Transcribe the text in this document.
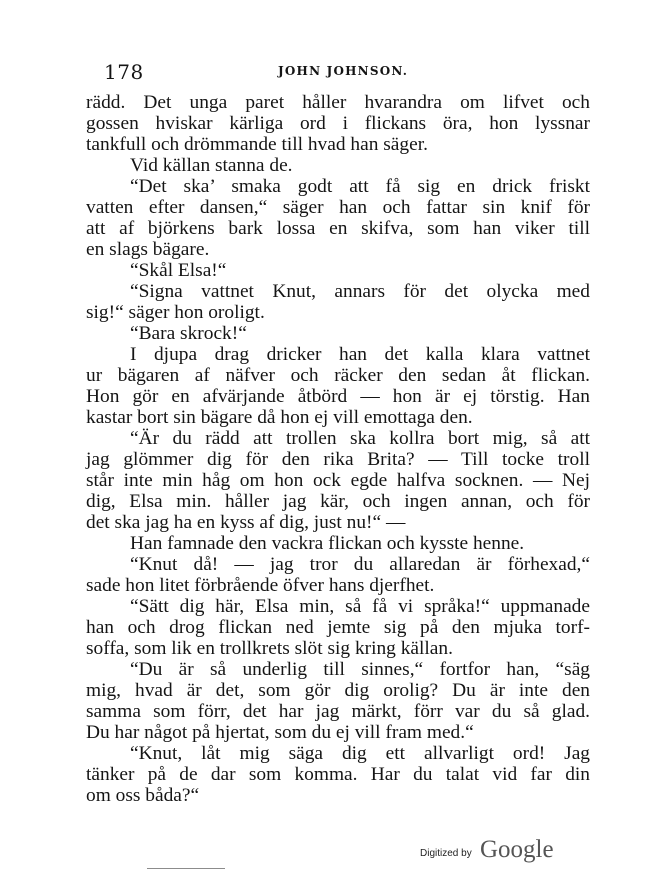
178	JOHN JOHNSON.
rädd. Det unga paret håller hvarandra om lifvet och
gossen hviskar kärliga ord i flickans öra, hon lyssnar
tankfull och drömmande till hvad han säger.
Vid källan stanna de.
“Det ska’ smaka godt att få sig en drick friskt
vatten efter dansen,“ säger han och fattar sin knif för
att af björkens bark lossa en skifva, som han viker till
en slags bägare.
“Skål Elsa!“
“Signa vattnet Knut, annars för det olycka med
sig!“ säger hon oroligt.
“Bara skrock!“
I djupa drag dricker han det kalla klara vattnet
ur bägaren af näfver och räcker den sedan åt flickan.
Hon gör en afvärjande åtbörd — hon är ej törstig. Han
kastar bort sin bägare då hon ej vill emottaga den.
“Är du rädd att trollen ska kollra bort mig, så att
jag glömmer dig för den rika Brita? — Till tocke troll
står inte min håg om hon ock egde halfva socknen. — Nej
dig, Elsa min. håller jag kär, och ingen annan, och för
det ska jag ha en kyss af dig, just nu!“ —
Han famnade den vackra flickan och kysste henne.
“Knut då! — jag tror du allaredan är förhexad,“
sade hon litet förbrående öfver hans djerfhet.
“Sätt dig här, Elsa min, så få vi språka!“ uppmanade
han och drog flickan ned jemte sig på den mjuka torf-
soffa, som lik en trollkrets slöt sig kring källan.
“Du är så underlig till sinnes,“ fortfor han, “säg
mig, hvad är det, som gör dig orolig? Du är inte den
samma som förr, det har jag märkt, förr var du så glad.
Du har något på hjertat, som du ej vill fram med.“
“Knut, låt mig säga dig ett allvarligt ord! Jag
tänker på de dar som komma. Har du talat vid far din
om oss båda?“
Digitized by Google
